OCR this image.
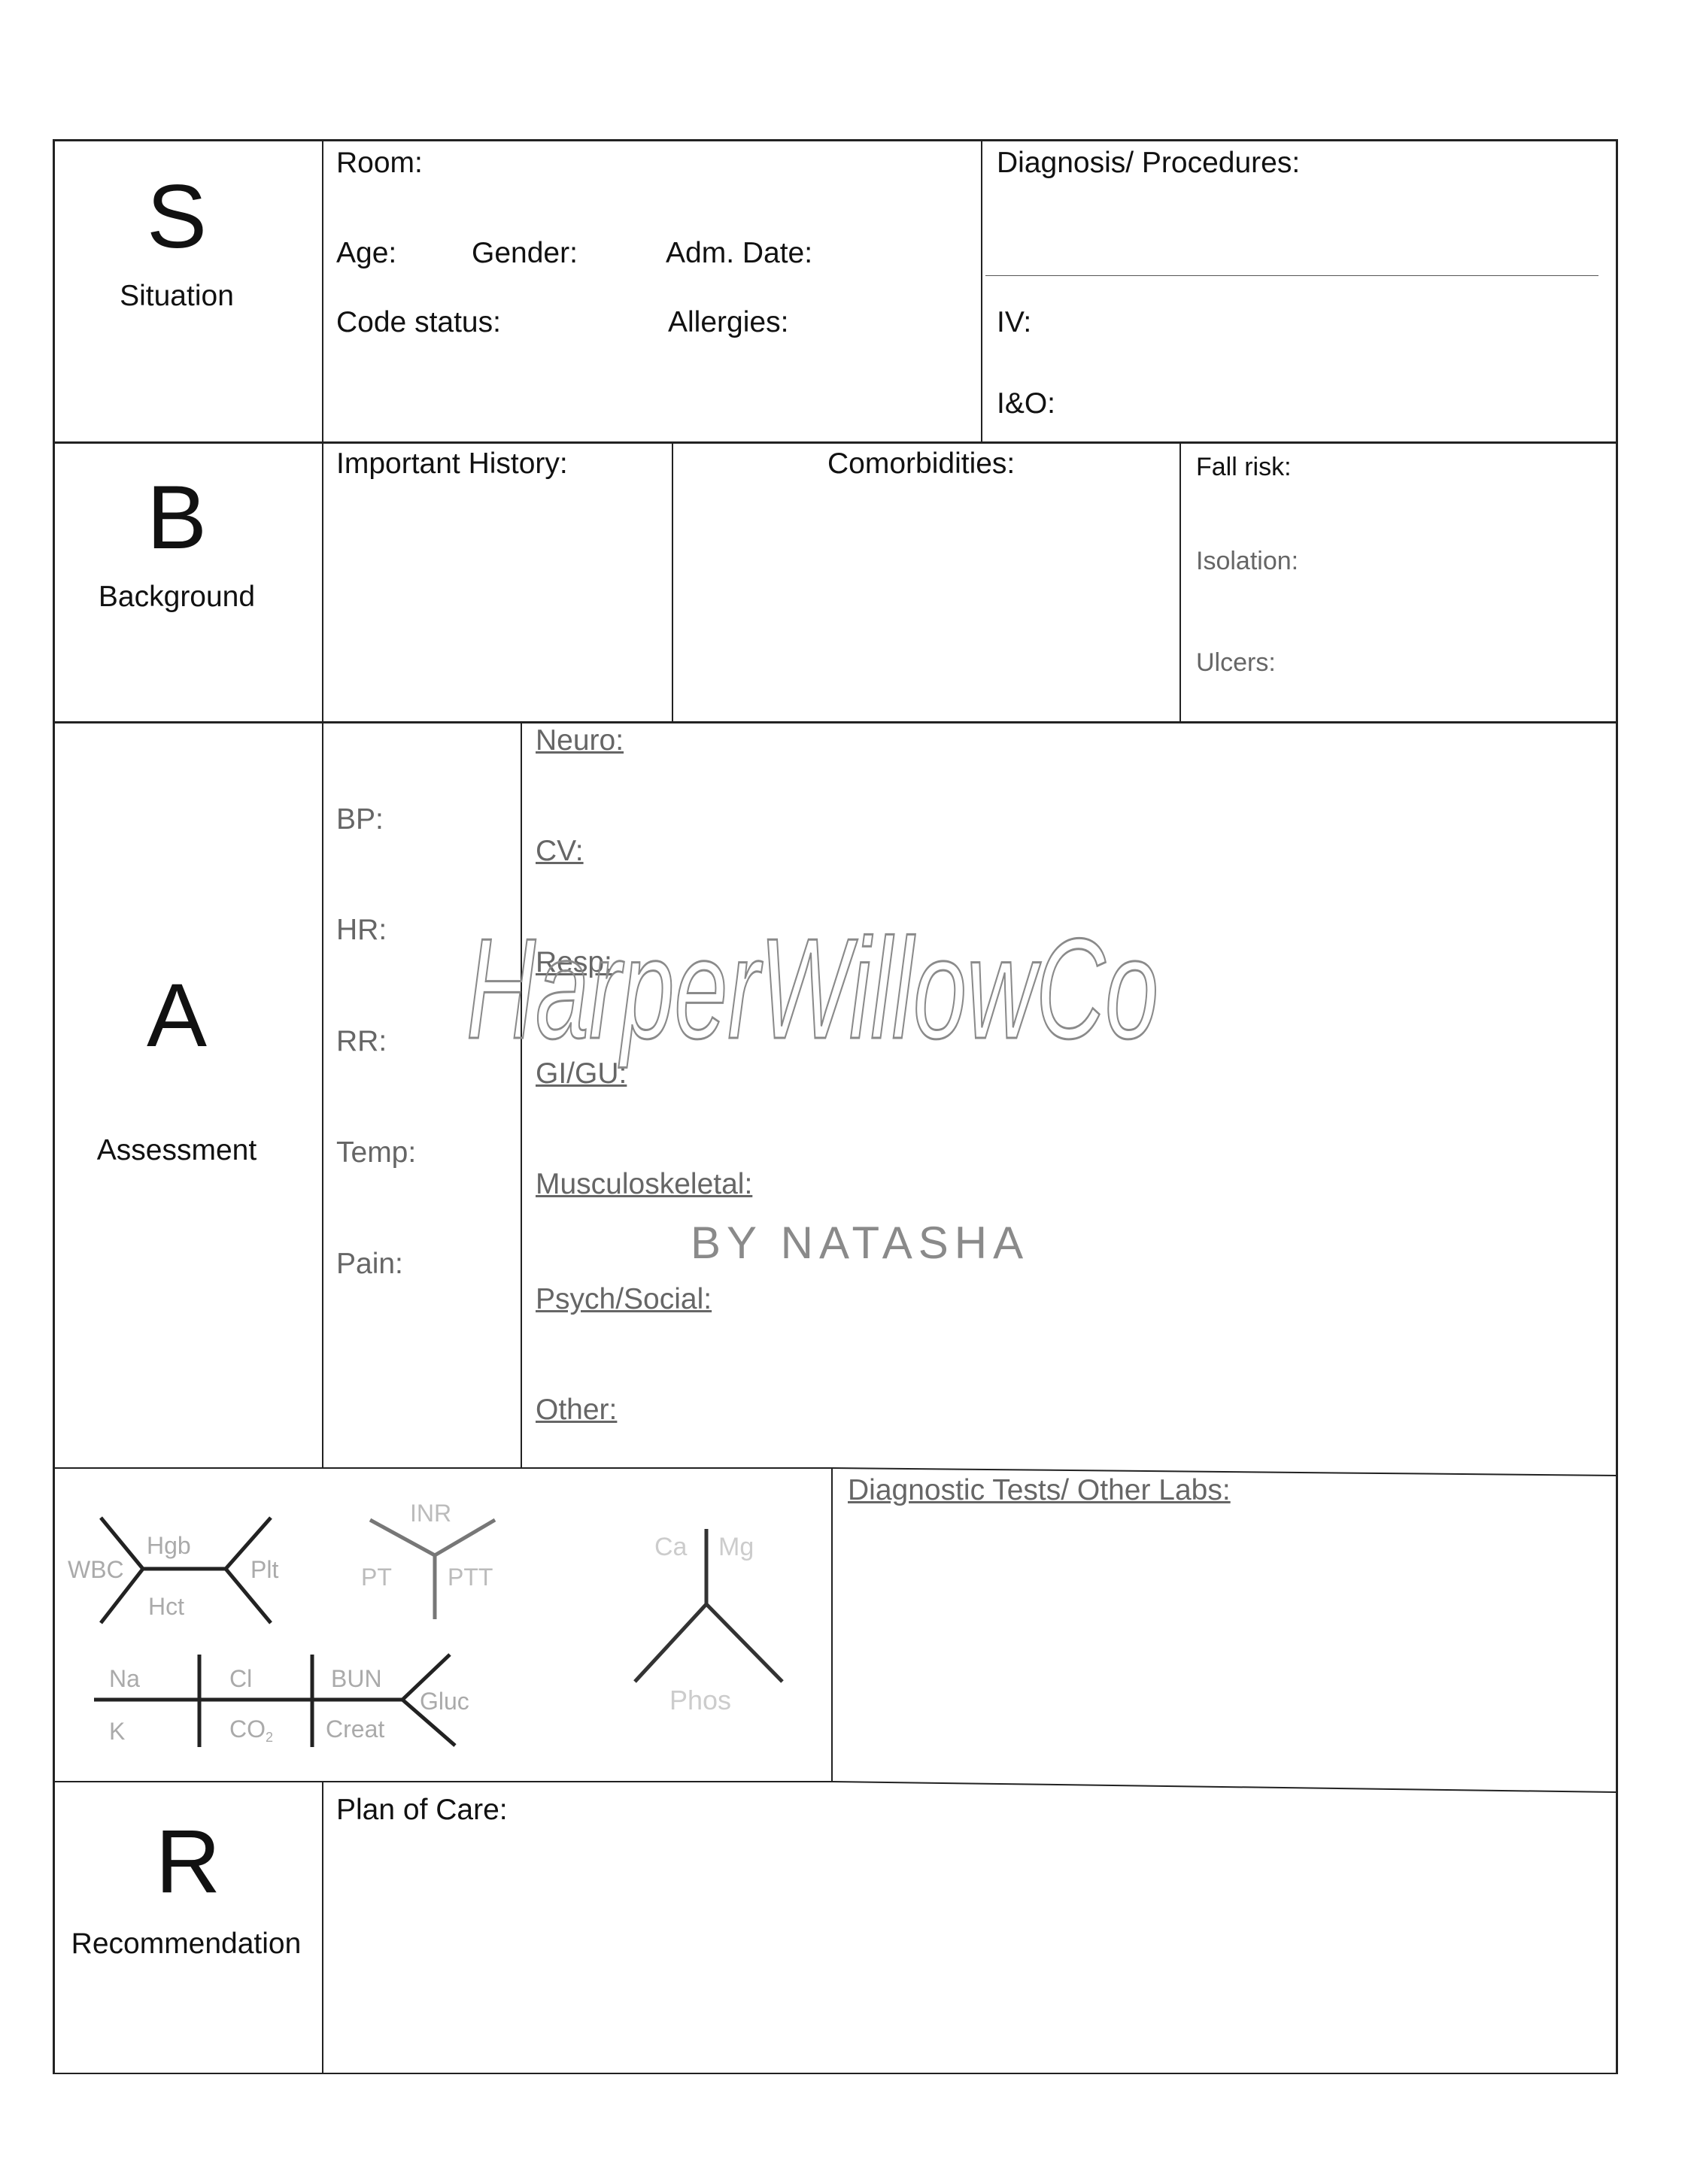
S
Situation
Room:
Age:	Gender:	Adm. Date:
Code status:	Allergies:
Diagnosis/ Procedures:
IV:
I&O:
B
Background
Important History:	Comorbidities:	Fall risk:
Isolation:
Ulcers:
A
Assessment
BP:
HR:
RR:
Temp:
Pain:
Neuro:
CV:
Resp:
GI/GU:
Musculoskeletal:
Psych/Social:
Other:
HarperWillowCo
BY NATASHA
Hgb
WBC	Plt
Hct
INR
PT PTT
Ca Mg
Phos
Na
K
Cl
CO2
BUN
Creat
Gluc
Diagnostic Tests/ Other Labs:
R
Recommendation
Plan of Care:
